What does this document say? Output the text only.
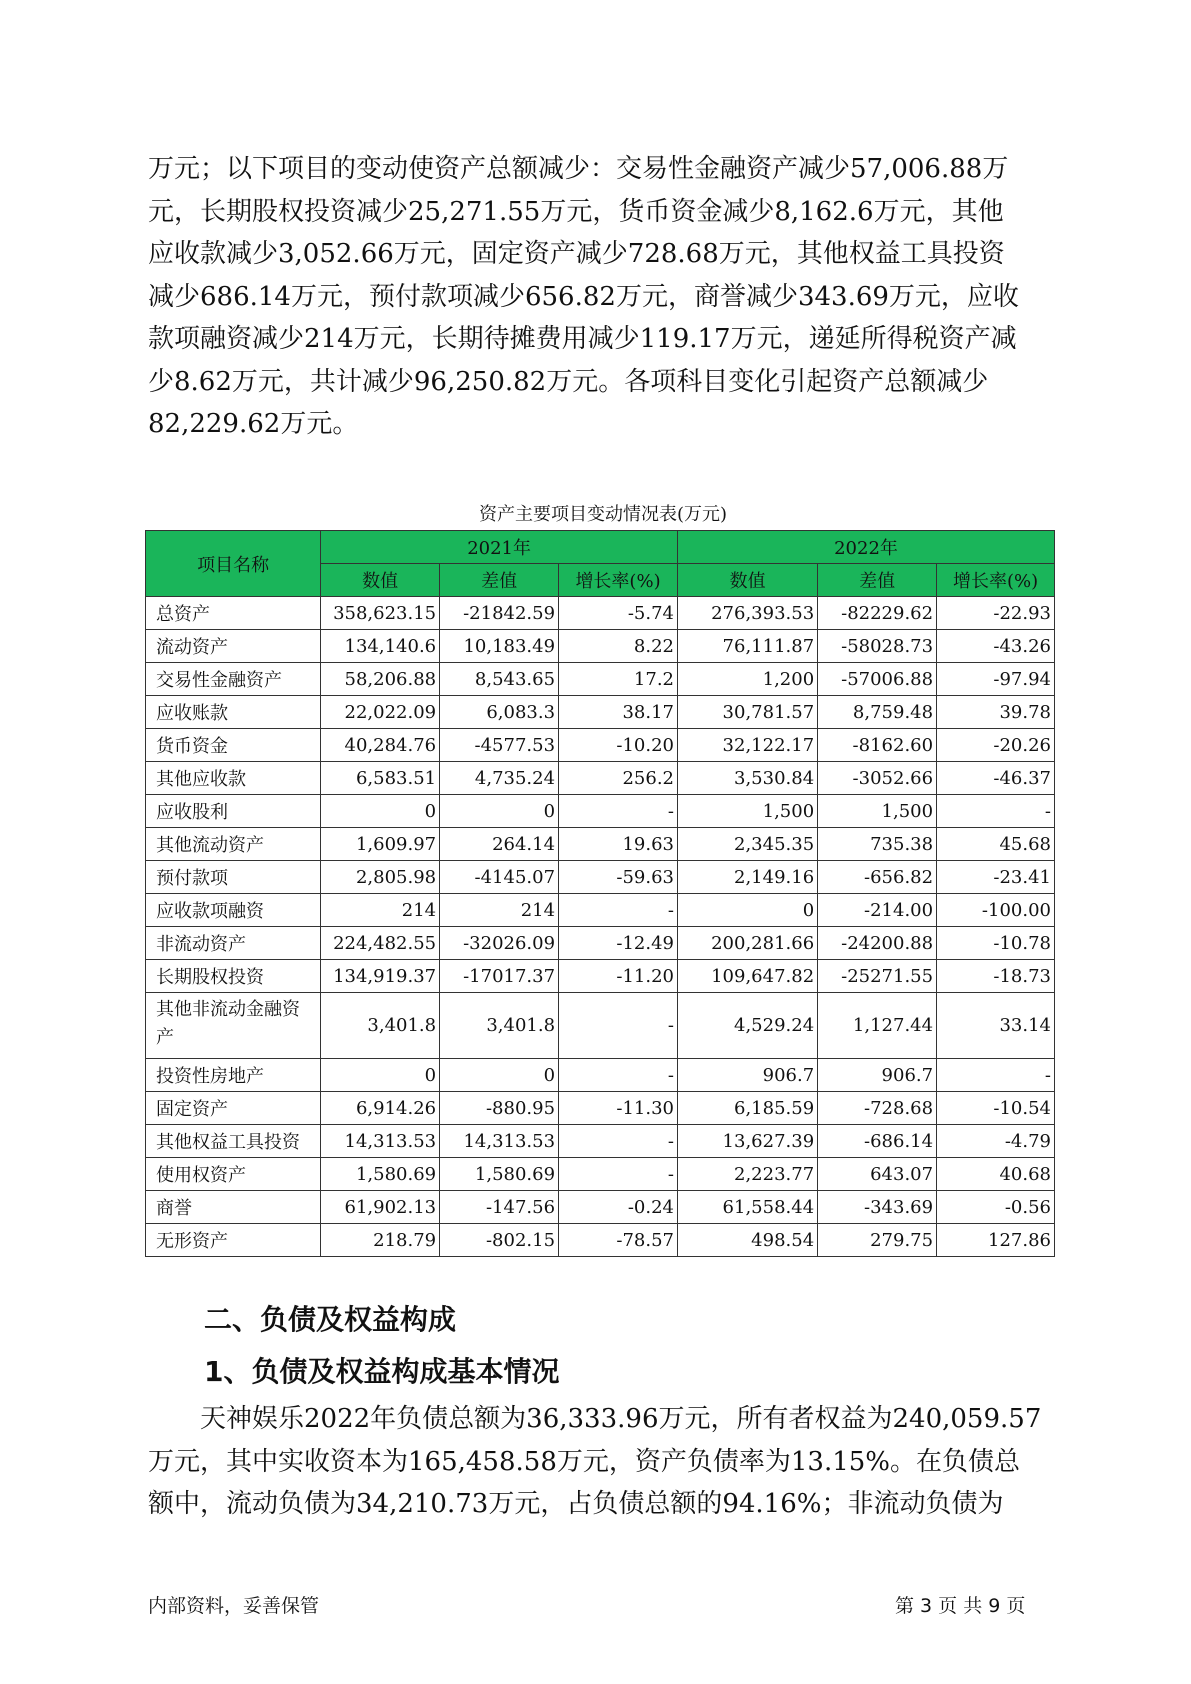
万元；以下项目的变动使资产总额减少：交易性金融资产减少57,006.88万
元，长期股权投资减少25,271.55万元，货币资金减少8,162.6万元，其他
应收款减少3,052.66万元，固定资产减少728.68万元，其他权益工具投资
减少686.14万元，预付款项减少656.82万元，商誉减少343.69万元，应收
款项融资减少214万元，长期待摊费用减少119.17万元，递延所得税资产减
少8.62万元，共计减少96,250.82万元。各项科目变化引起资产总额减少
82,229.62万元。
资产主要项目变动情况表(万元)
项目名称	2021年			2022年		
	数值	差值	增长率(%)	数值	差值	增长率(%)
总资产	358,623.15	-21842.59	-5.74	276,393.53	-82229.62	-22.93
流动资产	134,140.6	10,183.49	8.22	76,111.87	-58028.73	-43.26
交易性金融资产	58,206.88	8,543.65	17.2	1,200	-57006.88	-97.94
应收账款	22,022.09	6,083.3	38.17	30,781.57	8,759.48	39.78
货币资金	40,284.76	-4577.53	-10.20	32,122.17	-8162.60	-20.26
其他应收款	6,583.51	4,735.24	256.2	3,530.84	-3052.66	-46.37
应收股利	0	0	-	1,500	1,500	-
其他流动资产	1,609.97	264.14	19.63	2,345.35	735.38	45.68
预付款项	2,805.98	-4145.07	-59.63	2,149.16	-656.82	-23.41
应收款项融资	214	214	-	0	-214.00	-100.00
非流动资产	224,482.55	-32026.09	-12.49	200,281.66	-24200.88	-10.78
长期股权投资	134,919.37	-17017.37	-11.20	109,647.82	-25271.55	-18.73
其他非流动金融资产	3,401.8	3,401.8	-	4,529.24	1,127.44	33.14
投资性房地产	0	0	-	906.7	906.7	-
固定资产	6,914.26	-880.95	-11.30	6,185.59	-728.68	-10.54
其他权益工具投资	14,313.53	14,313.53	-	13,627.39	-686.14	-4.79
使用权资产	1,580.69	1,580.69	-	2,223.77	643.07	40.68
商誉	61,902.13	-147.56	-0.24	61,558.44	-343.69	-0.56
无形资产	218.79	-802.15	-78.57	498.54	279.75	127.86
二、负债及权益构成
1、负债及权益构成基本情况
天神娱乐2022年负债总额为36,333.96万元，所有者权益为240,059.57
万元，其中实收资本为165,458.58万元，资产负债率为13.15%。在负债总
额中，流动负债为34,210.73万元，占负债总额的94.16%；非流动负债为
内部资料，妥善保管	第 3 页 共 9 页
